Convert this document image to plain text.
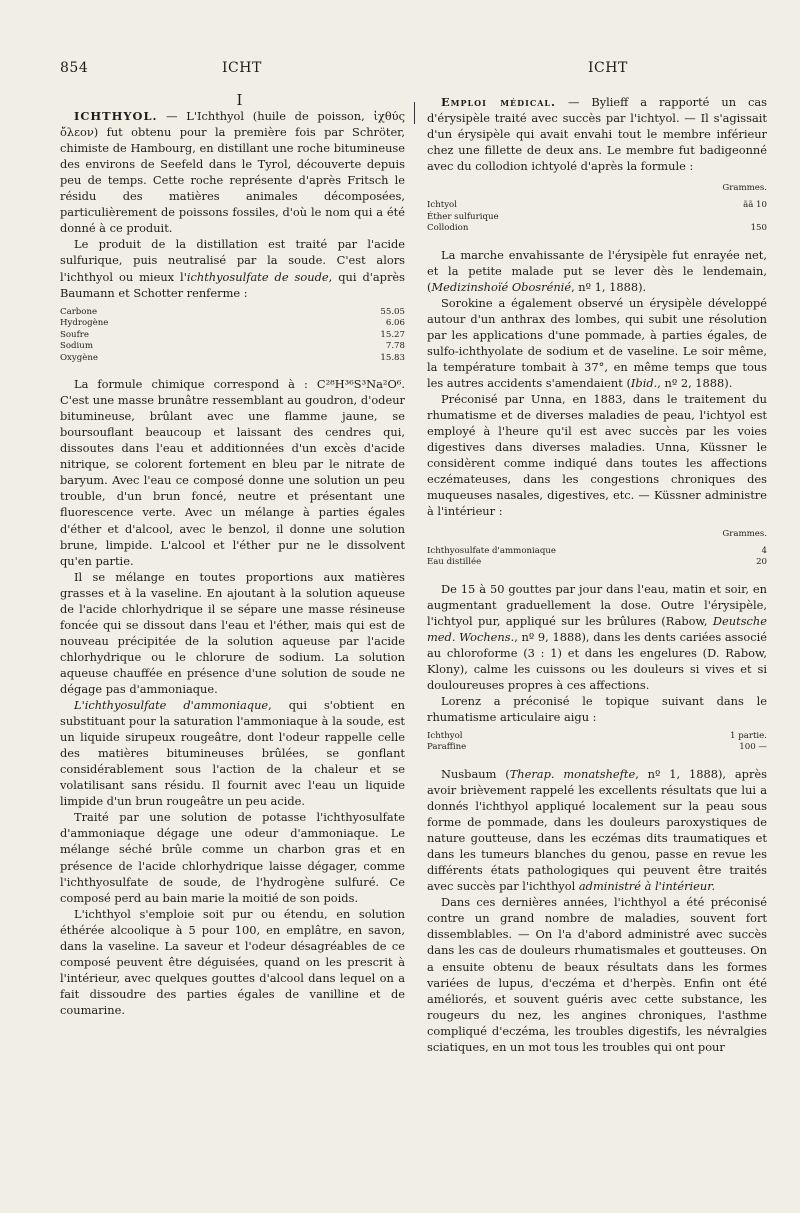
854	ICHT	ICHT

I

ICHTHYOL. — L'Ichthyol (huile de poisson, ἰχθύς ὄλεον) fut obtenu pour la première fois par Schröter, chimiste de Hambourg, en distillant une roche bitumineuse des environs de Seefeld dans le Tyrol, découverte depuis peu de temps. Cette roche représente d'après Fritsch le résidu des matières animales décomposées, particulièrement de poissons fossiles, d'où le nom qui a été donné à ce produit.

Le produit de la distillation est traité par l'acide sulfurique, puis neutralisé par la soude. C'est alors l'ichthyol ou mieux l'ichthyosulfate de soude, qui d'après Baumann et Schotter renferme :

Carbone	55.05
Hydrogène	6.06
Soufre	15.27
Sodium	7.78
Oxygène	15.83

La formule chimique correspond à : C²⁸H³⁶S³Na²O⁶. C'est une masse brunâtre ressemblant au goudron, d'odeur bitumineuse, brûlant avec une flamme jaune, se boursouflant beaucoup et laissant des cendres qui, dissoutes dans l'eau et additionnées d'un excès d'acide nitrique, se colorent fortement en bleu par le nitrate de baryum. Avec l'eau ce composé donne une solution un peu trouble, d'un brun foncé, neutre et présentant une fluorescence verte. Avec un mélange à parties égales d'éther et d'alcool, avec le benzol, il donne une solution brune, limpide. L'alcool et l'éther pur ne le dissolvent qu'en partie.

Il se mélange en toutes proportions aux matières grasses et à la vaseline. En ajoutant à la solution aqueuse de l'acide chlorhydrique il se sépare une masse résineuse foncée qui se dissout dans l'eau et l'éther, mais qui est de nouveau précipitée de la solution aqueuse par l'acide chlorhydrique ou le chlorure de sodium. La solution aqueuse chauffée en présence d'une solution de soude ne dégage pas d'ammoniaque.

L'ichthyosulfate d'ammoniaque, qui s'obtient en substituant pour la saturation l'ammoniaque à la soude, est un liquide sirupeux rougeâtre, dont l'odeur rappelle celle des matières bitumineuses brûlées, se gonflant considérablement sous l'action de la chaleur et se volatilisant sans résidu. Il fournit avec l'eau un liquide limpide d'un brun rougeâtre un peu acide.

Traité par une solution de potasse l'ichthyosulfate d'ammoniaque dégage une odeur d'ammoniaque. Le mélange séché brûle comme un charbon gras et en présence de l'acide chlorhydrique laisse dégager, comme l'ichthyosulfate de soude, de l'hydrogène sulfuré. Ce composé perd au bain marie la moitié de son poids.

L'ichthyol s'emploie soit pur ou étendu, en solution éthérée alcoolique à 5 pour 100, en emplâtre, en savon, dans la vaseline. La saveur et l'odeur désagréables de ce composé peuvent être déguisées, quand on les prescrit à l'intérieur, avec quelques gouttes d'alcool dans lequel on a fait dissoudre des parties égales de vanilline et de coumarine.

Emploi médical. — Bylieff a rapporté un cas d'érysipèle traité avec succès par l'ichtyol. — Il s'agissait d'un érysipèle qui avait envahi tout le membre inférieur chez une fillette de deux ans. Le membre fut badigeonné avec du collodion ichtyolé d'après la formule :

Grammes.
Ichtyol	ãã 10
Éther sulfurique	
Collodion	150

La marche envahissante de l'érysipèle fut enrayée net, et la petite malade put se lever dès le lendemain, (Medizinshoïé Obosrénié, nº 1, 1888).

Sorokine a également observé un érysipèle développé autour d'un anthrax des lombes, qui subit une résolution par les applications d'une pommade, à parties égales, de sulfo-ichthyolate de sodium et de vaseline. Le soir même, la température tombait à 37°, en même temps que tous les autres accidents s'amendaient (Ibid., nº 2, 1888).

Préconisé par Unna, en 1883, dans le traitement du rhumatisme et de diverses maladies de peau, l'ichtyol est employé à l'heure qu'il est avec succès par les voies digestives dans diverses maladies. Unna, Küssner le considèrent comme indiqué dans toutes les affections eczémateuses, dans les congestions chroniques des muqueuses nasales, digestives, etc. — Küssner administre à l'intérieur :

Grammes.
Ichthyosulfate d'ammoniaque	4
Eau distillée	20

De 15 à 50 gouttes par jour dans l'eau, matin et soir, en augmentant graduellement la dose. Outre l'érysipèle, l'ichtyol pur, appliqué sur les brûlures (Rabow, Deutsche med. Wochens., nº 9, 1888), dans les dents cariées associé au chloroforme (3 : 1) et dans les engelures (D. Rabow, Klony), calme les cuissons ou les douleurs si vives et si douloureuses propres à ces affections.

Lorenz a préconisé le topique suivant dans le rhumatisme articulaire aigu :

Ichthyol	1 partie.
Paraffine	100 —

Nusbaum (Therap. monatshefte, nº 1, 1888), après avoir brièvement rappelé les excellents résultats que lui a donnés l'ichthyol appliqué localement sur la peau sous forme de pommade, dans les douleurs paroxystiques de nature goutteuse, dans les eczémas dits traumatiques et dans les tumeurs blanches du genou, passe en revue les différents états pathologiques qui peuvent être traités avec succès par l'ichthyol administré à l'intérieur.

Dans ces dernières années, l'ichthyol a été préconisé contre un grand nombre de maladies, souvent fort dissemblables. — On l'a d'abord administré avec succès dans les cas de douleurs rhumatismales et goutteuses. On a ensuite obtenu de beaux résultats dans les formes variées de lupus, d'eczéma et d'herpès. Enfin ont été améliorés, et souvent guéris avec cette substance, les rougeurs du nez, les angines chroniques, l'asthme compliqué d'eczéma, les troubles digestifs, les névralgies sciatiques, en un mot tous les troubles qui ont pour
